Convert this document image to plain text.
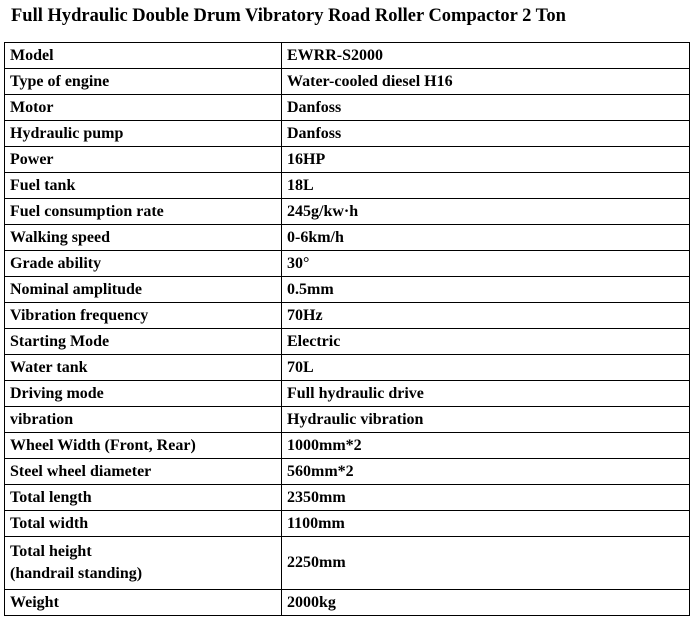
Full Hydraulic Double Drum Vibratory Road Roller Compactor 2 Ton
Model	EWRR-S2000
Type of engine	Water-cooled diesel H16
Motor	Danfoss
Hydraulic pump	Danfoss
Power	16HP
Fuel tank	18L
Fuel consumption rate	245g/kw·h
Walking speed	0-6km/h
Grade ability	30°
Nominal amplitude	0.5mm
Vibration frequency	70Hz
Starting Mode	Electric
Water tank	70L
Driving mode	Full hydraulic drive
vibration	Hydraulic vibration
Wheel Width (Front, Rear)	1000mm*2
Steel wheel diameter	560mm*2
Total length	2350mm
Total width	1100mm

Total height
(handrail standing)	2250mm
Weight	2000kg
